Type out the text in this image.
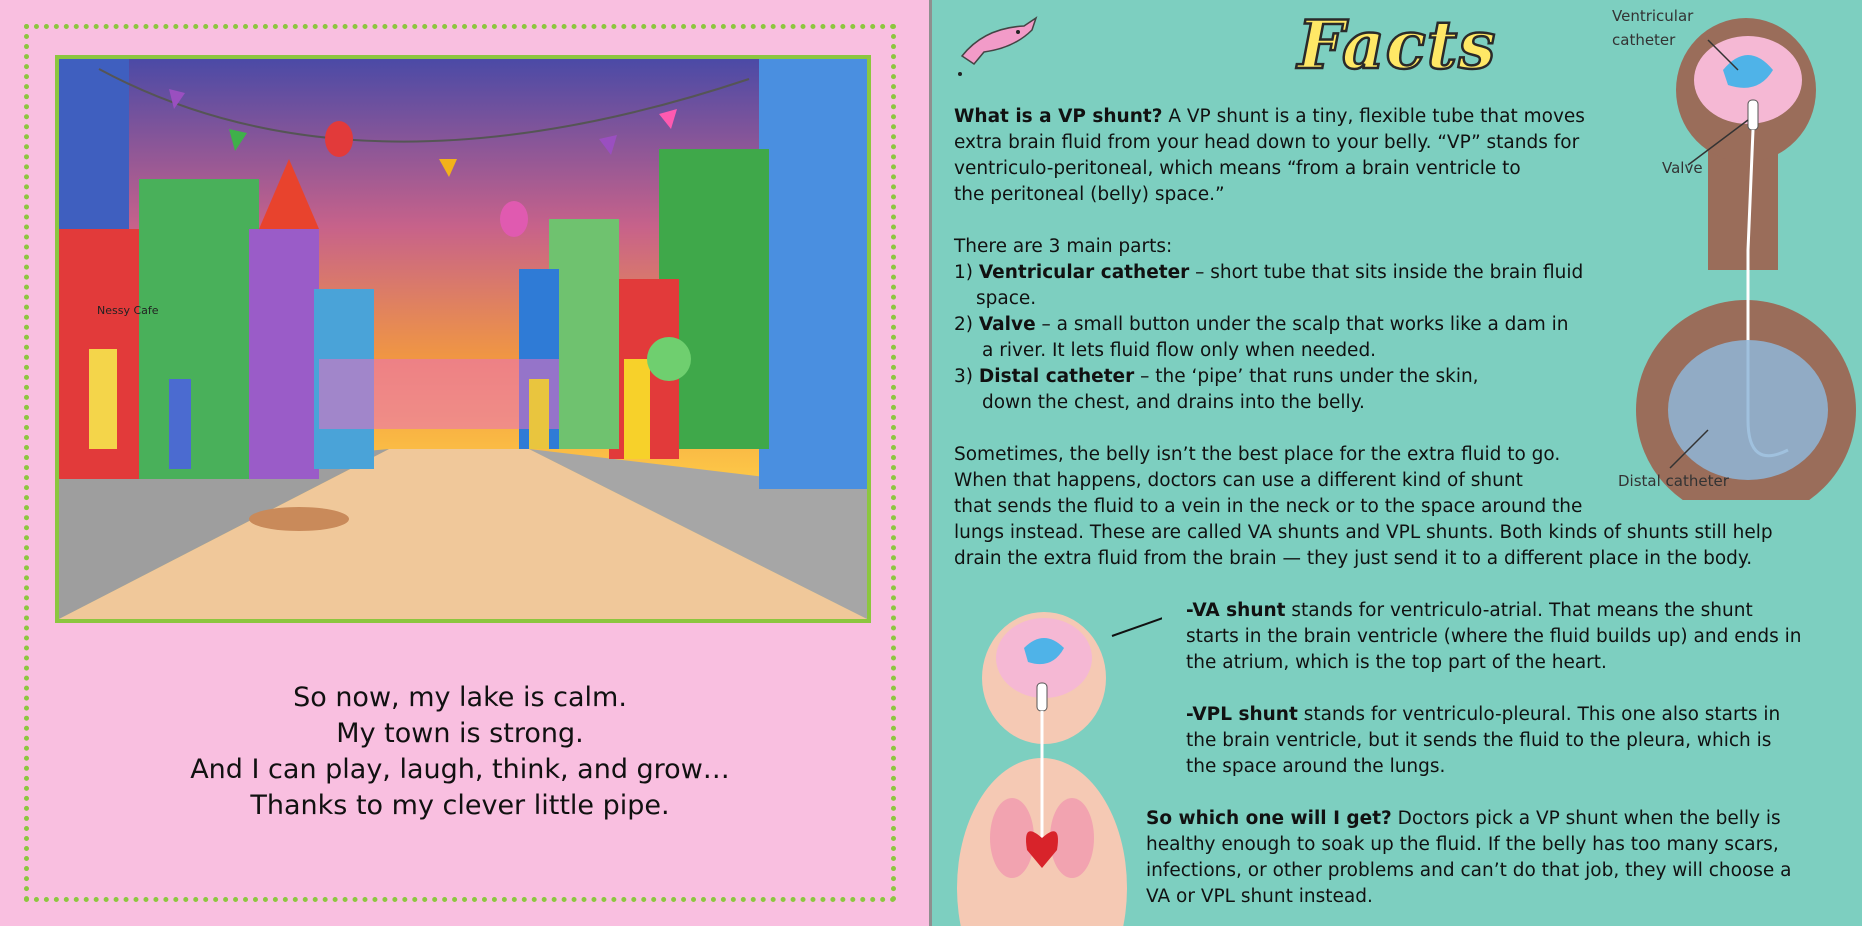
Nessy Cafe
So now, my lake is calm.
My town is strong.
And I can play, laugh, think, and grow…
Thanks to my clever little pipe.
Facts	Ventricular
catheter
Valve
Distal catheter
What is a VP shunt? A VP shunt is a tiny, flexible tube that moves
extra brain fluid from your head down to your belly. “VP” stands for
ventriculo-peritoneal, which means “from a brain ventricle to
the peritoneal (belly) space.”
There are 3 main parts:
1) Ventricular catheter – short tube that sits inside the brain fluid
space.
2) Valve – a small button under the scalp that works like a dam in
a river. It lets fluid flow only when needed.
3) Distal catheter – the ‘pipe’ that runs under the skin,
down the chest, and drains into the belly.
Sometimes, the belly isn’t the best place for the extra fluid to go.
When that happens, doctors can use a different kind of shunt
that sends the fluid to a vein in the neck or to the space around the
lungs instead. These are called VA shunts and VPL shunts. Both kinds of shunts still help
drain the extra fluid from the brain — they just send it to a different place in the body.
-VA shunt stands for ventriculo-atrial. That means the shunt
starts in the brain ventricle (where the fluid builds up) and ends in
the atrium, which is the top part of the heart.
-VPL shunt stands for ventriculo-pleural. This one also starts in
the brain ventricle, but it sends the fluid to the pleura, which is
the space around the lungs.
So which one will I get? Doctors pick a VP shunt when the belly is
healthy enough to soak up the fluid. If the belly has too many scars,
infections, or other problems and can’t do that job, they will choose a
VA or VPL shunt instead.
